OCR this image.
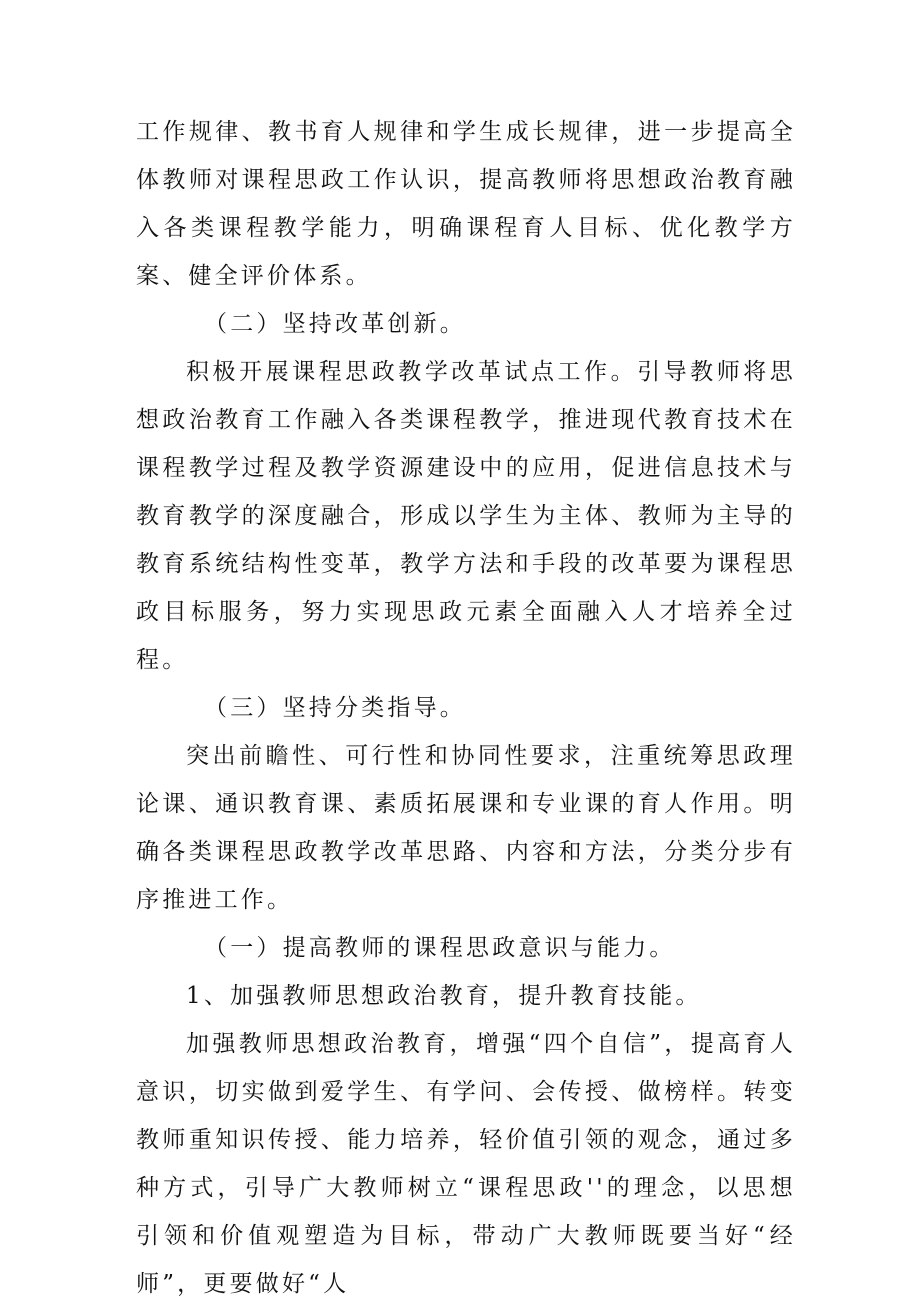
工作规律、教书育人规律和学生成长规律，进一步提高全体教师对课程思政工作认识，提高教师将思想政治教育融入各类课程教学能力，明确课程育人目标、优化教学方案、健全评价体系。

（二）坚持改革创新。

积极开展课程思政教学改革试点工作。引导教师将思想政治教育工作融入各类课程教学，推进现代教育技术在课程教学过程及教学资源建设中的应用，促进信息技术与教育教学的深度融合，形成以学生为主体、教师为主导的教育系统结构性变革，教学方法和手段的改革要为课程思政目标服务，努力实现思政元素全面融入人才培养全过程。

（三）坚持分类指导。

突出前瞻性、可行性和协同性要求，注重统筹思政理论课、通识教育课、素质拓展课和专业课的育人作用。明确各类课程思政教学改革思路、内容和方法，分类分步有序推进工作。

（一）提高教师的课程思政意识与能力。

1、加强教师思想政治教育，提升教育技能。

加强教师思想政治教育，增强“四个自信”，提高育人意识，切实做到爱学生、有学问、会传授、做榜样。转变教师重知识传授、能力培养，轻价值引领的观念，通过多种方式，引导广大教师树立“课程思政''的理念，以思想引领和价值观塑造为目标，带动广大教师既要当好“经师”，更要做好“人
